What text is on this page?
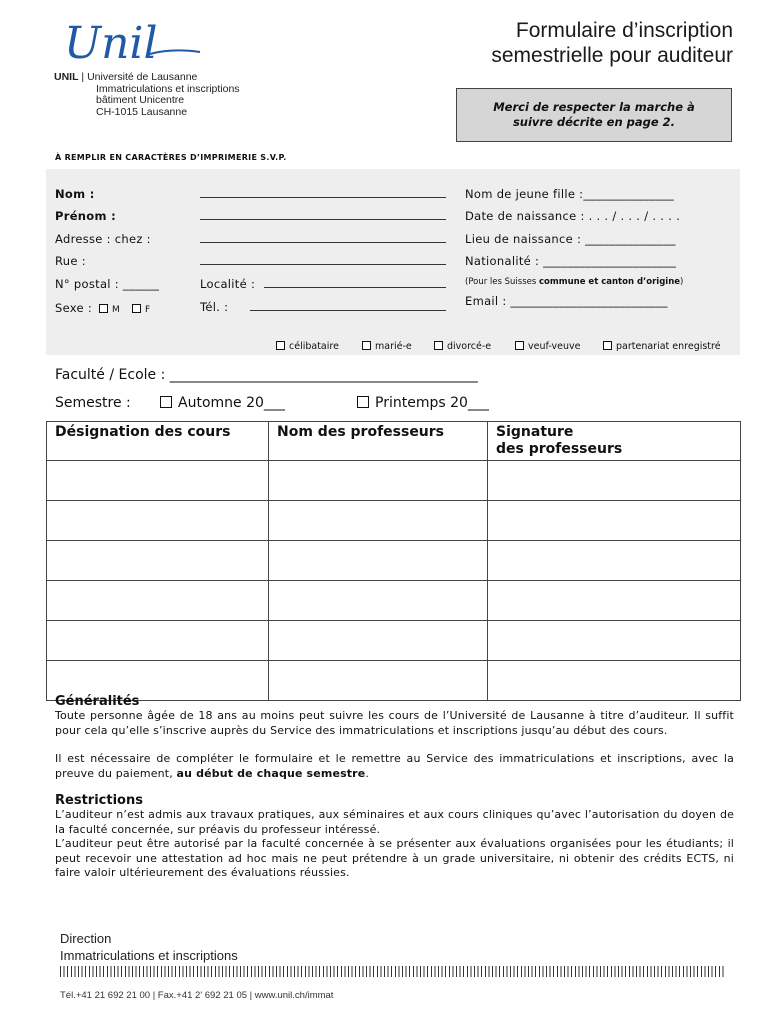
Unil
UNIL | Université de Lausanne
Immatriculations et inscriptions
bâtiment Unicentre
CH-1015 Lausanne
Formulaire d’inscription
semestrielle pour auditeur
Merci de respecter la marche à suivre décrite en page 2.
À REMPLIR EN CARACTÈRES D’IMPRIMERIE S.V.P.
Nom :
Prénom :
Adresse : chez :
Rue :
N° postal : ______	Localité :
Sexe : M	F	Tél. :
Nom de jeune fille :_______________
Date de naissance : . . . / . . . / . . . .
Lieu de naissance : _______________
Nationalité : ______________________
(Pour les Suisses commune et canton d’origine)
Email : __________________________
célibataire	marié-e	divorcé-e	veuf-veuve	partenariat enregistré
Faculté / Ecole : ____________________________________________
Semestre :	Automne 20___	Printemps 20___
Désignation des cours	Nom des professeurs	Signature
des professeurs

Généralités
Toute personne âgée de 18 ans au moins peut suivre les cours de l’Université de Lausanne à titre d’auditeur. Il suffit pour cela qu’elle s’inscrive auprès du Service des immatriculations et inscriptions jusqu’au début des cours.
Il est nécessaire de compléter le formulaire et le remettre au Service des immatriculations et inscriptions, avec la preuve du paiement, au début de chaque semestre.
Restrictions
L’auditeur n’est admis aux travaux pratiques, aux séminaires et aux cours cliniques qu’avec l’autorisation du doyen de la faculté concernée, sur préavis du professeur intéressé.
L’auditeur peut être autorisé par la faculté concernée à se présenter aux évaluations organisées pour les étudiants; il peut recevoir une attestation ad hoc mais ne peut prétendre à un grade universitaire, ni obtenir des crédits ECTS, ni faire valoir ultérieurement des évaluations réussies.
Direction
Immatriculations et inscriptions
Tél.+41 21 692 21 00 | Fax.+41 2' 692 21 05 | www.unil.ch/immat
